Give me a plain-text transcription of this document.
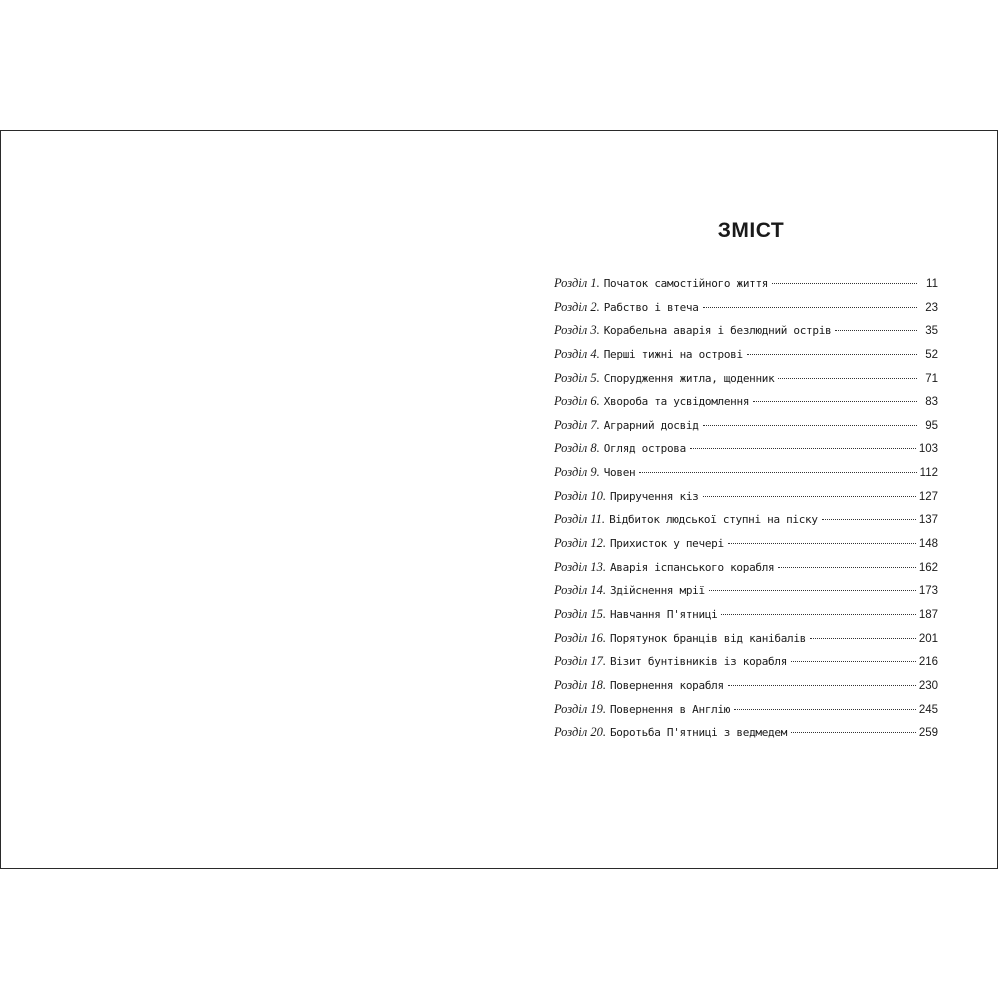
ЗМІСТ
Розділ 1. Початок самостійного життя	11
Розділ 2. Рабство і втеча	23
Розділ 3. Корабельна аварія і безлюдний острів	35
Розділ 4. Перші тижні на острові	52
Розділ 5. Спорудження житла, щоденник	71
Розділ 6. Хвороба та усвідомлення	83
Розділ 7. Аграрний досвід	95
Розділ 8. Огляд острова	103
Розділ 9. Човен	112
Розділ 10. Приручення кіз	127
Розділ 11. Відбиток людської ступні на піску	137
Розділ 12. Прихисток у печері	148
Розділ 13. Аварія іспанського корабля	162
Розділ 14. Здійснення мрії	173
Розділ 15. Навчання П'ятниці	187
Розділ 16. Порятунок бранців від канібалів	201
Розділ 17. Візит бунтівників із корабля	216
Розділ 18. Повернення корабля	230
Розділ 19. Повернення в Англію	245
Розділ 20. Боротьба П'ятниці з ведмедем	259
